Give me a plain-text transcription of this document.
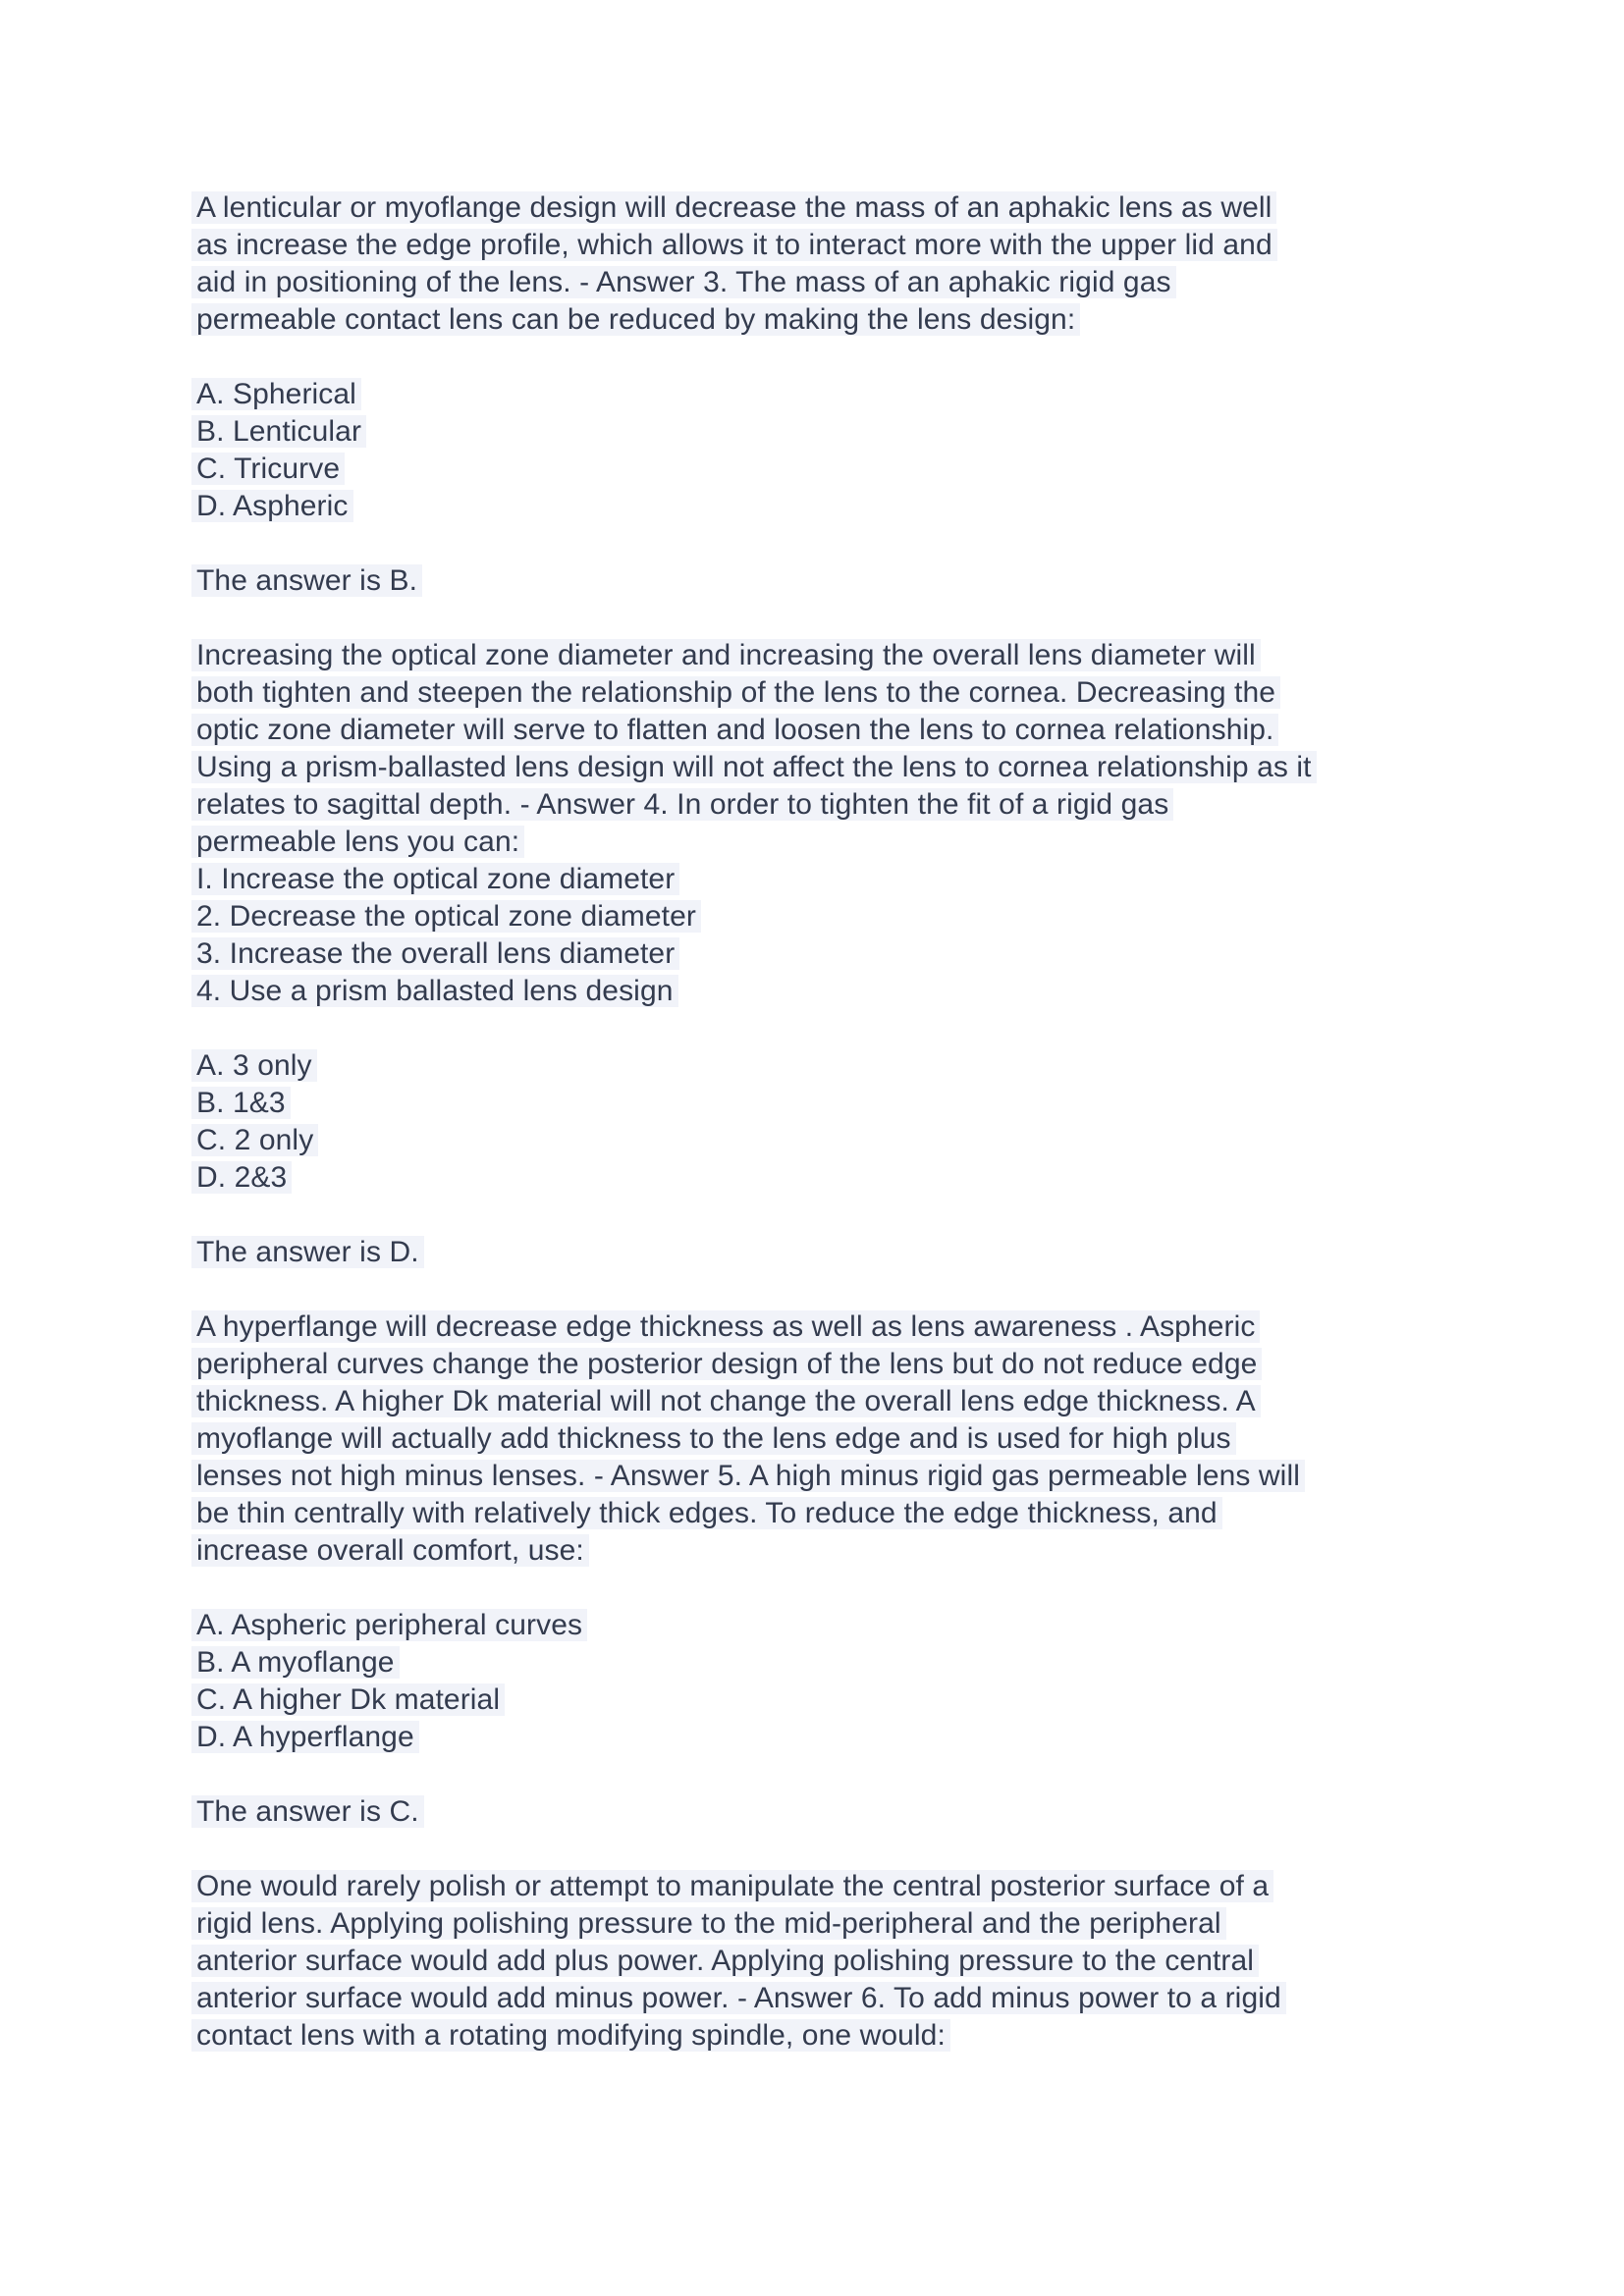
A lenticular or myoflange design will decrease the mass of an aphakic lens as well
as increase the edge profile, which allows it to interact more with the upper lid and
aid in positioning of the lens. - Answer 3. The mass of an aphakic rigid gas
permeable contact lens can be reduced by making the lens design:
A. Spherical
B. Lenticular
C. Tricurve
D. Aspheric
The answer is B.
Increasing the optical zone diameter and increasing the overall lens diameter will
both tighten and steepen the relationship of the lens to the cornea. Decreasing the
optic zone diameter will serve to flatten and loosen the lens to cornea relationship.
Using a prism-ballasted lens design will not affect the lens to cornea relationship as it
relates to sagittal depth. - Answer 4. In order to tighten the fit of a rigid gas
permeable lens you can:
I. Increase the optical zone diameter
2. Decrease the optical zone diameter
3. Increase the overall lens diameter
4. Use a prism ballasted lens design
A. 3 only
B. 1&3
C. 2 only
D. 2&3
The answer is D.
A hyperflange will decrease edge thickness as well as lens awareness . Aspheric
peripheral curves change the posterior design of the lens but do not reduce edge
thickness. A higher Dk material will not change the overall lens edge thickness. A
myoflange will actually add thickness to the lens edge and is used for high plus
lenses not high minus lenses. - Answer 5. A high minus rigid gas permeable lens will
be thin centrally with relatively thick edges. To reduce the edge thickness, and
increase overall comfort, use:
A. Aspheric peripheral curves
B. A myoflange
C. A higher Dk material
D. A hyperflange
The answer is C.
One would rarely polish or attempt to manipulate the central posterior surface of a
rigid lens. Applying polishing pressure to the mid-peripheral and the peripheral
anterior surface would add plus power. Applying polishing pressure to the central
anterior surface would add minus power. - Answer 6. To add minus power to a rigid
contact lens with a rotating modifying spindle, one would:
